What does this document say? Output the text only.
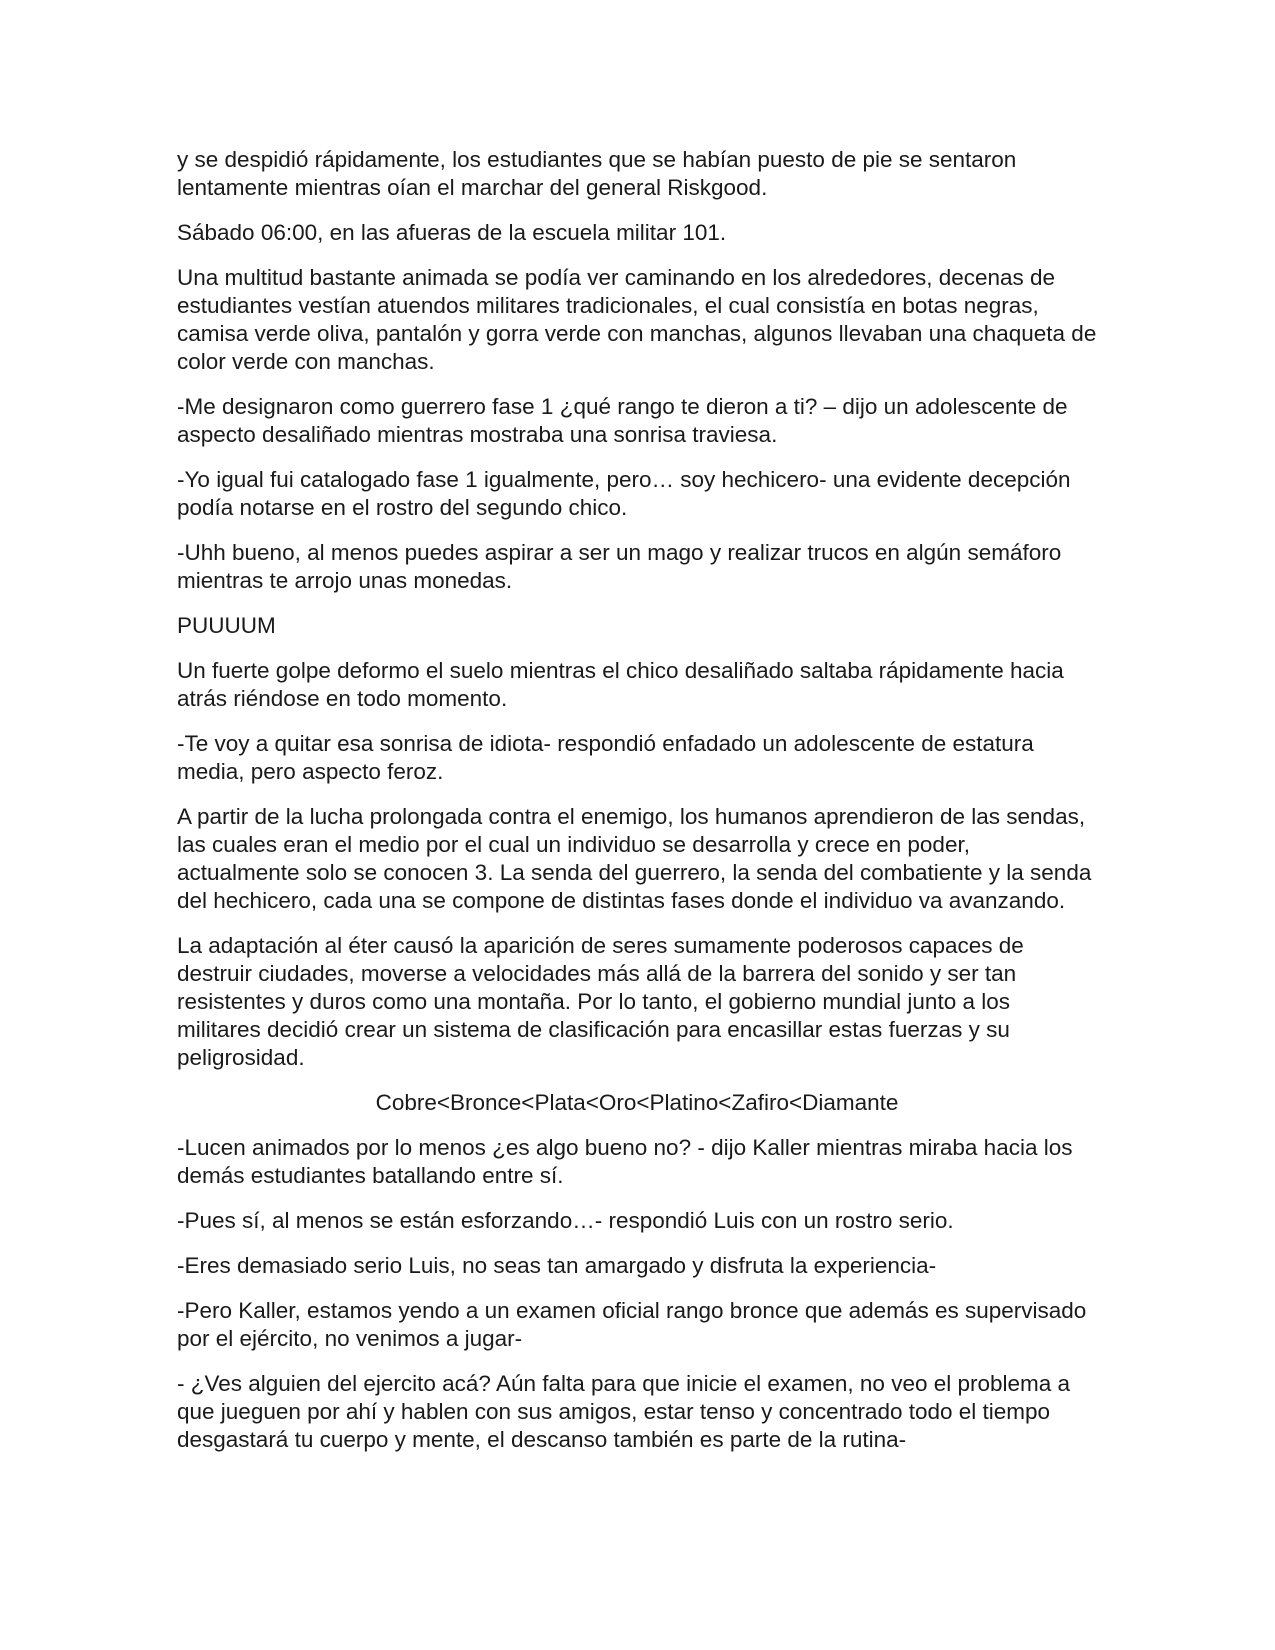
y se despidió rápidamente, los estudiantes que se habían puesto de pie se sentaron lentamente mientras oían el marchar del general Riskgood.

Sábado 06:00, en las afueras de la escuela militar 101.

Una multitud bastante animada se podía ver caminando en los alrededores, decenas de estudiantes vestían atuendos militares tradicionales, el cual consistía en botas negras, camisa verde oliva, pantalón y gorra verde con manchas, algunos llevaban una chaqueta de color verde con manchas.

-Me designaron como guerrero fase 1 ¿qué rango te dieron a ti? – dijo un adolescente de aspecto desaliñado mientras mostraba una sonrisa traviesa.

-Yo igual fui catalogado fase 1 igualmente, pero… soy hechicero- una evidente decepción podía notarse en el rostro del segundo chico.

-Uhh bueno, al menos puedes aspirar a ser un mago y realizar trucos en algún semáforo mientras te arrojo unas monedas.

PUUUUM

Un fuerte golpe deformo el suelo mientras el chico desaliñado saltaba rápidamente hacia atrás riéndose en todo momento.

-Te voy a quitar esa sonrisa de idiota- respondió enfadado un adolescente de estatura media, pero aspecto feroz.

A partir de la lucha prolongada contra el enemigo, los humanos aprendieron de las sendas, las cuales eran el medio por el cual un individuo se desarrolla y crece en poder, actualmente solo se conocen 3. La senda del guerrero, la senda del combatiente y la senda del hechicero, cada una se compone de distintas fases donde el individuo va avanzando.

La adaptación al éter causó la aparición de seres sumamente poderosos capaces de destruir ciudades, moverse a velocidades más allá de la barrera del sonido y ser tan resistentes y duros como una montaña. Por lo tanto, el gobierno mundial junto a los militares decidió crear un sistema de clasificación para encasillar estas fuerzas y su peligrosidad.

Cobre<Bronce<Plata<Oro<Platino<Zafiro<Diamante

-Lucen animados por lo menos ¿es algo bueno no? - dijo Kaller mientras miraba hacia los demás estudiantes batallando entre sí.

-Pues sí, al menos se están esforzando…- respondió Luis con un rostro serio.

-Eres demasiado serio Luis, no seas tan amargado y disfruta la experiencia-

-Pero Kaller, estamos yendo a un examen oficial rango bronce que además es supervisado por el ejército, no venimos a jugar-

- ¿Ves alguien del ejercito acá? Aún falta para que inicie el examen, no veo el problema a que jueguen por ahí y hablen con sus amigos, estar tenso y concentrado todo el tiempo desgastará tu cuerpo y mente, el descanso también es parte de la rutina-
